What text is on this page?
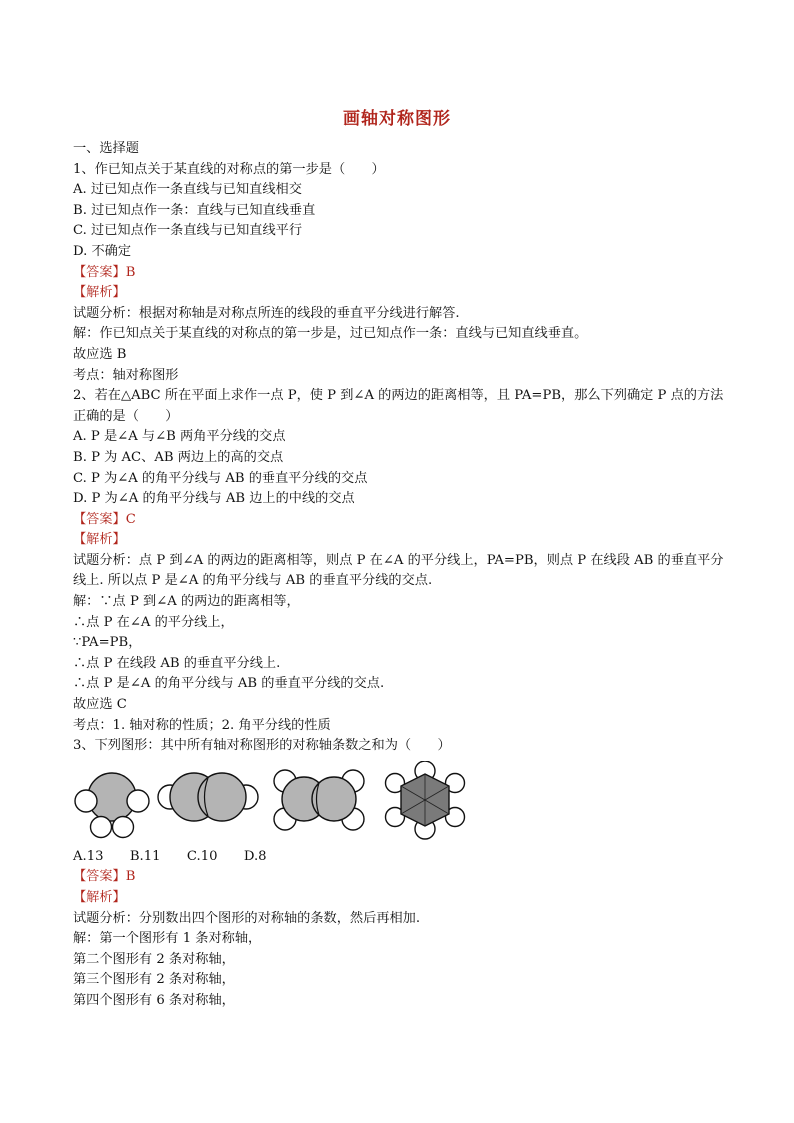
画轴对称图形
一、选择题
1、作已知点关于某直线的对称点的第一步是（　　）
A. 过已知点作一条直线与已知直线相交
B. 过已知点作一条：直线与已知直线垂直
C. 过已知点作一条直线与已知直线平行
D. 不确定
【答案】B
【解析】
试题分析：根据对称轴是对称点所连的线段的垂直平分线进行解答.
解：作已知点关于某直线的对称点的第一步是，过已知点作一条：直线与已知直线垂直。
故应选 B
考点：轴对称图形
2、若在△ABC 所在平面上求作一点 P，使 P 到∠A 的两边的距离相等，且 PA=PB，那么下列确定 P 点的方法
正确的是（　　）
A. P 是∠A 与∠B 两角平分线的交点
B. P 为 AC、AB 两边上的高的交点
C. P 为∠A 的角平分线与 AB 的垂直平分线的交点
D. P 为∠A 的角平分线与 AB 边上的中线的交点
【答案】C
【解析】
试题分析：点 P 到∠A 的两边的距离相等，则点 P 在∠A 的平分线上，PA=PB，则点 P 在线段 AB 的垂直平分
线上. 所以点 P 是∠A 的角平分线与 AB 的垂直平分线的交点.
解：∵点 P 到∠A 的两边的距离相等，
∴点 P 在∠A 的平分线上，
∵PA=PB，
∴点 P 在线段 AB 的垂直平分线上.
∴点 P 是∠A 的角平分线与 AB 的垂直平分线的交点.
故应选 C
考点：1. 轴对称的性质；2. 角平分线的性质
3、下列图形：其中所有轴对称图形的对称轴条数之和为（　　）
A.13　　B.11　　C.10　　D.8
【答案】B
【解析】
试题分析：分别数出四个图形的对称轴的条数，然后再相加.
解：第一个图形有 1 条对称轴，
第二个图形有 2 条对称轴，
第三个图形有 2 条对称轴，
第四个图形有 6 条对称轴，
